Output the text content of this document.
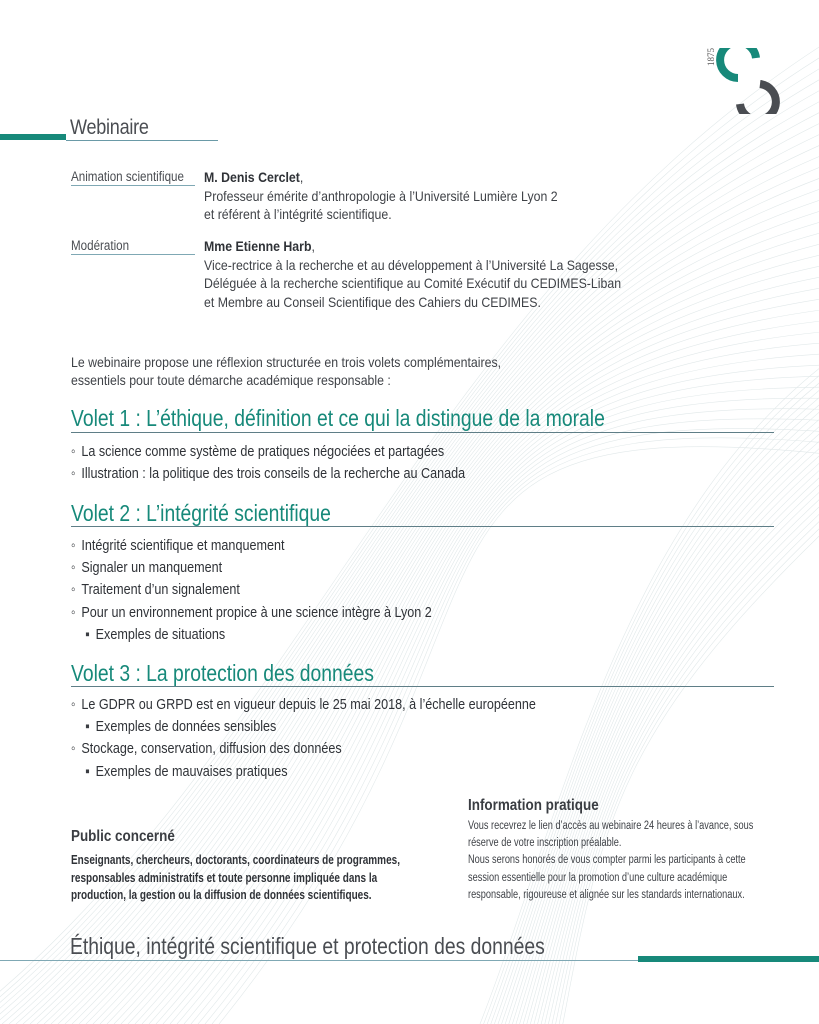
1875
Webinaire
Animation scientifique M. Denis Cerclet,
Professeur émérite d’anthropologie à l’Université Lumière Lyon 2
et référent à l’intégrité scientifique.
Modération	Mme Etienne Harb,
Vice-rectrice à la recherche et au développement à l’Université La Sagesse,
Déléguée à la recherche scientifique au Comité Exécutif du CEDIMES-Liban
et Membre au Conseil Scientifique des Cahiers du CEDIMES.
Le webinaire propose une réflexion structurée en trois volets complémentaires,
essentiels pour toute démarche académique responsable :
Volet 1 : L’éthique, définition et ce qui la distingue de la morale
◦ La science comme système de pratiques négociées et partagées
◦ Illustration : la politique des trois conseils de la recherche au Canada
Volet 2 : L’intégrité scientifique
◦ Intégrité scientifique et manquement
◦ Signaler un manquement
◦ Traitement d’un signalement
◦ Pour un environnement propice à une science intègre à Lyon 2
▪ Exemples de situations
Volet 3 : La protection des données
◦ Le GDPR ou GRPD est en vigueur depuis le 25 mai 2018, à l’échelle européenne
▪ Exemples de données sensibles
◦ Stockage, conservation, diffusion des données
▪ Exemples de mauvaises pratiques
Public concerné
Enseignants, chercheurs, doctorants, coordinateurs de programmes,
responsables administratifs et toute personne impliquée dans la
production, la gestion ou la diffusion de données scientifiques.
Information pratique
Vous recevrez le lien d’accès au webinaire 24 heures à l’avance, sous
réserve de votre inscription préalable.
Nous serons honorés de vous compter parmi les participants à cette
session essentielle pour la promotion d’une culture académique
responsable, rigoureuse et alignée sur les standards internationaux.
Éthique, intégrité scientifique et protection des données
